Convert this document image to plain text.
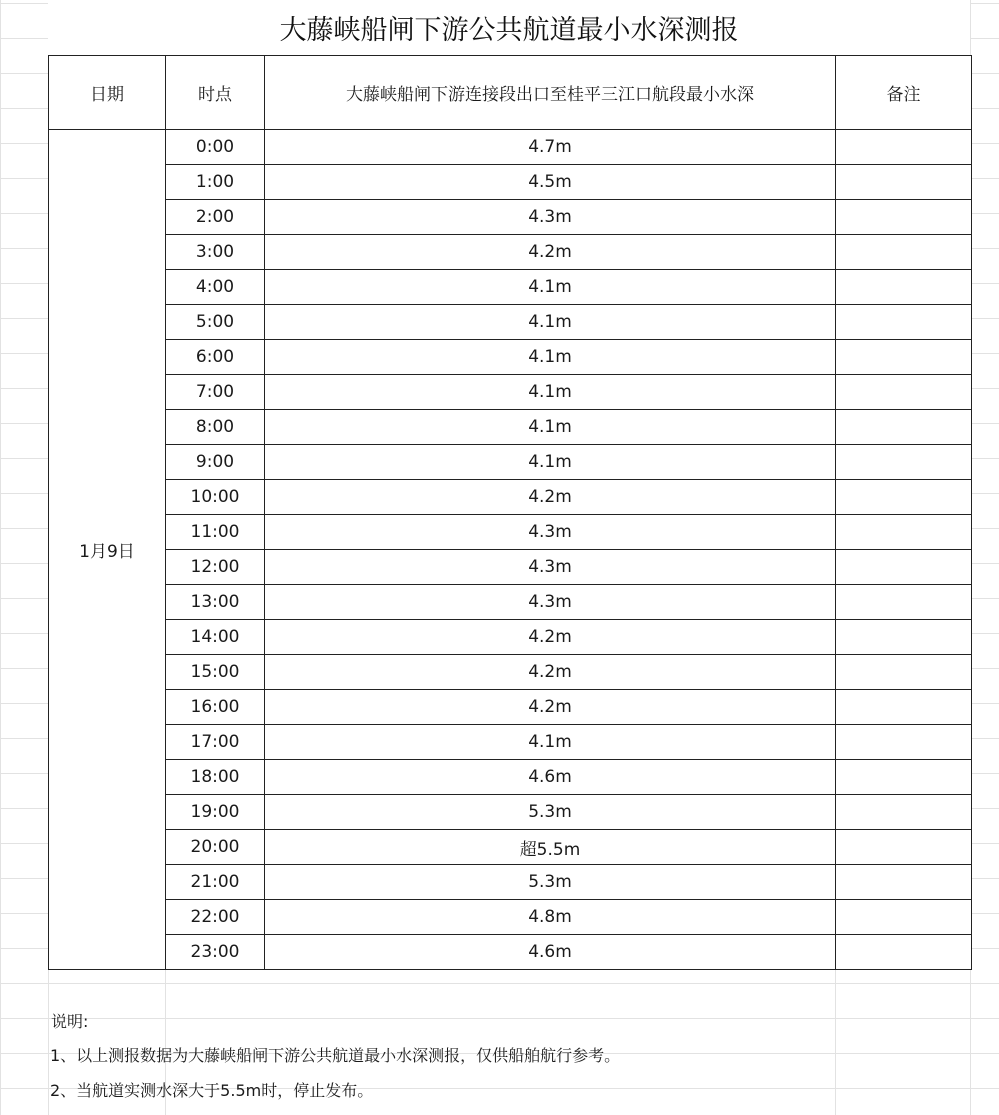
大藤峡船闸下游公共航道最小水深测报
日期	时点	大藤峡船闸下游连接段出口至桂平三江口航段最小水深	备注
1月9日	0:00	4.7m	
	1:00	4.5m	
	2:00	4.3m	
	3:00	4.2m	
	4:00	4.1m	
	5:00	4.1m	
	6:00	4.1m	
	7:00	4.1m	
	8:00	4.1m	
	9:00	4.1m	
	10:00	4.2m	
	11:00	4.3m	
	12:00	4.3m	
	13:00	4.3m	
	14:00	4.2m	
	15:00	4.2m	
	16:00	4.2m	
	17:00	4.1m	
	18:00	4.6m	
	19:00	5.3m	
	20:00	超5.5m	
	21:00	5.3m	
	22:00	4.8m	
	23:00	4.6m	
说明:
1、以上测报数据为大藤峡船闸下游公共航道最小水深测报，仅供船舶航行参考。
2、当航道实测水深大于5.5m时，停止发布。
